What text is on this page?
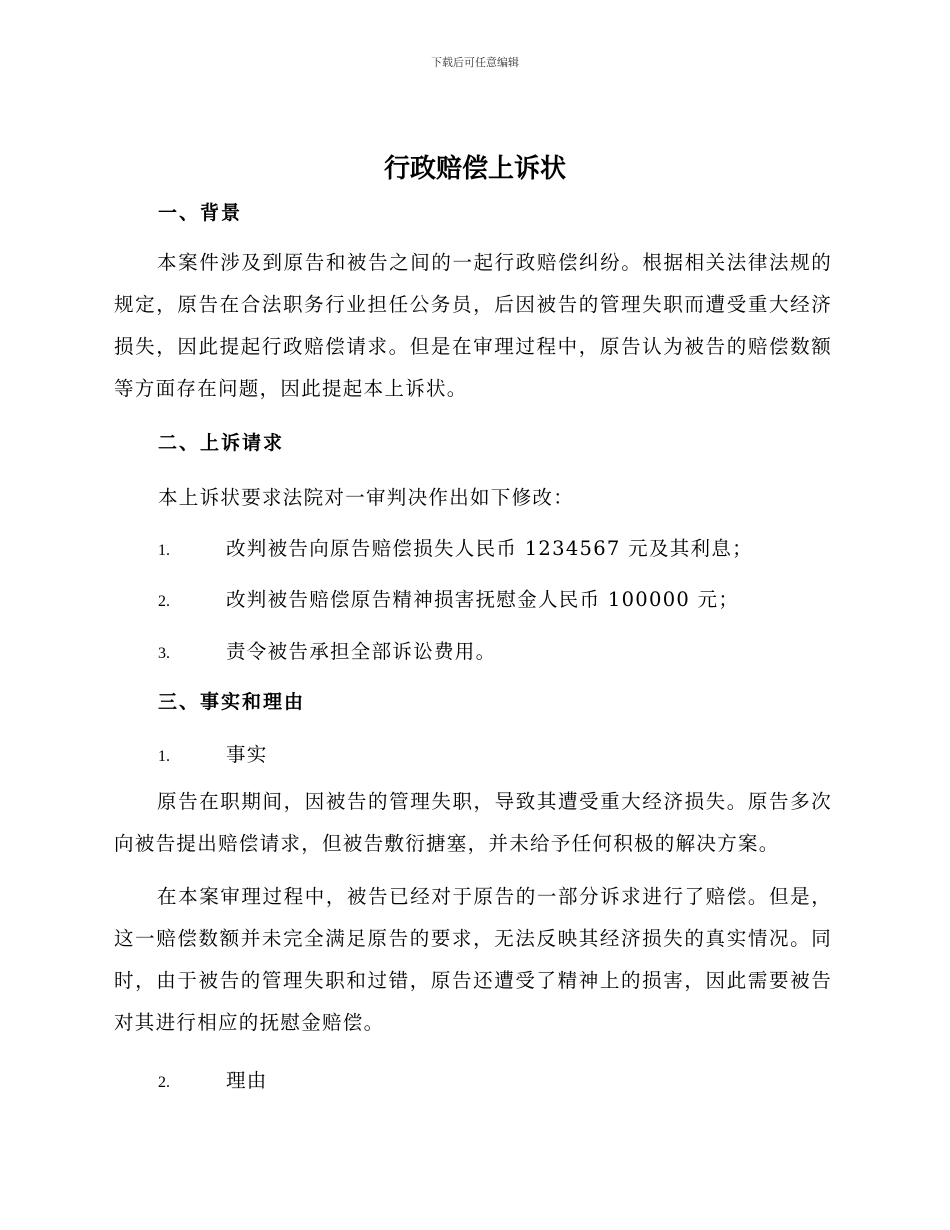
下载后可任意编辑
行政赔偿上诉状
一、背景
本案件涉及到原告和被告之间的一起行政赔偿纠纷。根据相关法律法规的规定，原告在合法职务行业担任公务员，后因被告的管理失职而遭受重大经济损失，因此提起行政赔偿请求。但是在审理过程中，原告认为被告的赔偿数额等方面存在问题，因此提起本上诉状。
二、上诉请求
本上诉状要求法院对一审判决作出如下修改：
1.	改判被告向原告赔偿损失人民币 1234567 元及其利息；
2.	改判被告赔偿原告精神损害抚慰金人民币 100000 元；
3.	责令被告承担全部诉讼费用。
三、事实和理由
1.	事实
原告在职期间，因被告的管理失职，导致其遭受重大经济损失。原告多次向被告提出赔偿请求，但被告敷衍搪塞，并未给予任何积极的解决方案。
在本案审理过程中，被告已经对于原告的一部分诉求进行了赔偿。但是，这一赔偿数额并未完全满足原告的要求，无法反映其经济损失的真实情况。同时，由于被告的管理失职和过错，原告还遭受了精神上的损害，因此需要被告对其进行相应的抚慰金赔偿。
2.	理由
